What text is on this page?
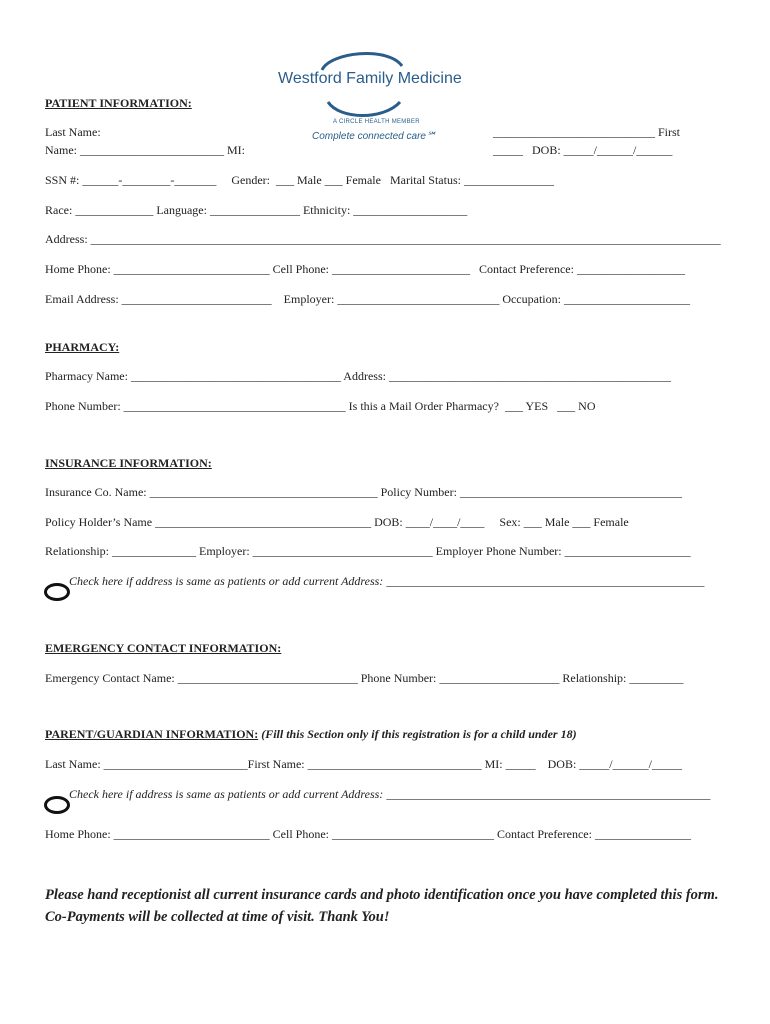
Westford Family Medicine
A CIRCLE HEALTH MEMBER
Complete connected care℠
PATIENT INFORMATION:
Last Name:
Name: ________________________ MI:
___________________________ First
_____   DOB: _____/______/______
SSN #: ______-________-_______     Gender:  ___ Male ___ Female   Marital Status: _______________
Race: _____________ Language: _______________ Ethnicity: ___________________
Address: _________________________________________________________________________________________________________
Home Phone: __________________________ Cell Phone: _______________________   Contact Preference: __________________
Email Address: _________________________    Employer: ___________________________ Occupation: _____________________
PHARMACY:
Pharmacy Name: ___________________________________ Address: _______________________________________________
Phone Number: _____________________________________ Is this a Mail Order Pharmacy?  ___ YES   ___ NO
INSURANCE INFORMATION:
Insurance Co. Name: ______________________________________ Policy Number: _____________________________________
Policy Holder’s Name ____________________________________ DOB: ____/____/____     Sex: ___ Male ___ Female
Relationship: ______________ Employer: ______________________________ Employer Phone Number: _____________________
Check here if address is same as patients or add current Address: _____________________________________________________
EMERGENCY CONTACT INFORMATION:
Emergency Contact Name: ______________________________ Phone Number: ____________________ Relationship: _________
PARENT/GUARDIAN INFORMATION: (Fill this Section only if this registration is for a child under 18)
Last Name: ________________________First Name: _____________________________ MI: _____    DOB: _____/______/_____
Check here if address is same as patients or add current Address: ______________________________________________________
Home Phone: __________________________ Cell Phone: ___________________________ Contact Preference: ________________
Please hand receptionist all current insurance cards and photo identification once you have completed this form. Co-Payments will be collected at time of visit. Thank You!
